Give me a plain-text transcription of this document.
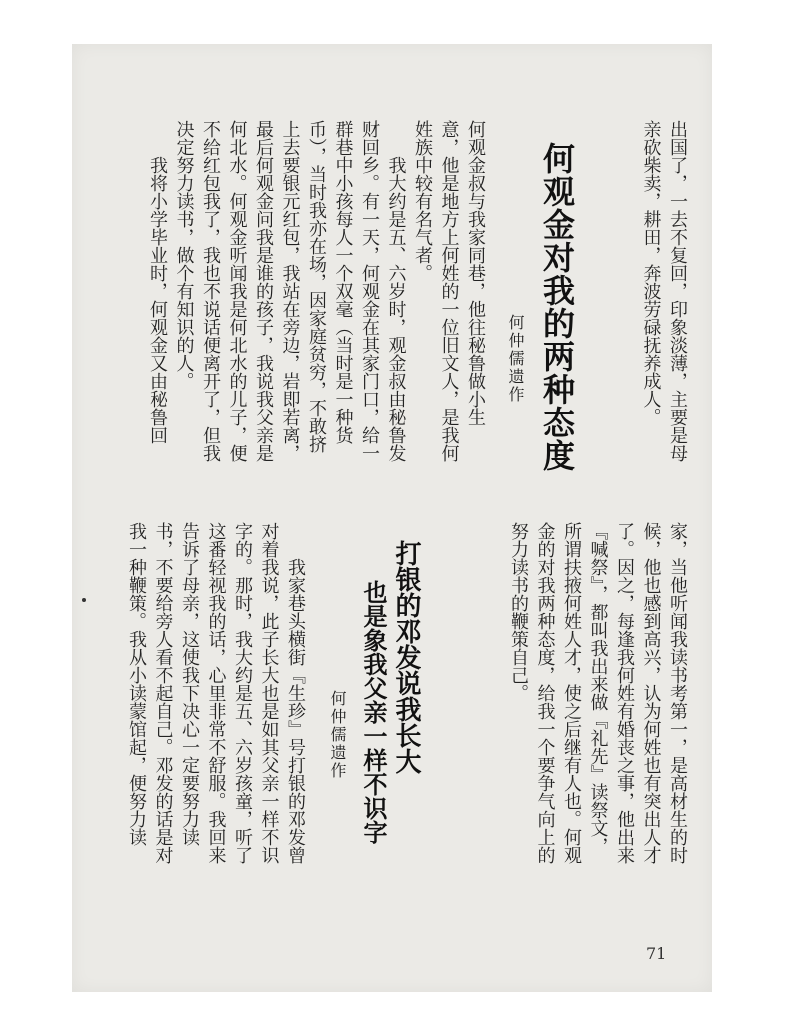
出国了，一去不复回，印象淡薄，主要是母
亲砍柴卖，耕田，奔波劳碌抚养成人。
何观金对我的两种态度
何仲儒遗作
何观金叔与我家同巷，他往秘鲁做小生
意，他是地方上何姓的一位旧文人，是我何
姓族中较有名气者。
　　我大约是五、六岁时，观金叔由秘鲁发
财回乡。有一天，何观金在其家门口，给一
群巷中小孩每人一个双毫（当时是一种货
币），当时我亦在场，因家庭贫穷，不敢挤
上去要银元红包，我站在旁边，岩即若离，
最后何观金问我是谁的孩子，我说我父亲是
何北水。何观金听闻我是何北水的儿子，便
不给红包我了，我也不说话便离开了，但我
决定努力读书，做个有知识的人。
　　我将小学毕业时，何观金又由秘鲁回
家，当他听闻我读书考第一，是高材生的时
候，他也感到高兴，认为何姓也有突出人才
了。因之，每逢我何姓有婚丧之事，他出来
『喊祭』，都叫我出来做『礼先』读祭文，
所谓扶掖何姓人才，使之后继有人也。何观
金的对我两种态度，给我一个要争气向上的
努力读书的鞭策自己。
打银的邓发说我长大
也是象我父亲一样不识字
何仲儒遗作
　　我家巷头横街『生珍』号打银的邓发曾
对着我说，此子长大也是如其父亲一样不识
字的。那时，我大约是五、六岁孩童，听了
这番轻视我的话，心里非常不舒服。我回来
告诉了母亲，这使我下决心一定要努力读
书，不要给旁人看不起自己。邓发的话是对
我一种鞭策。我从小读蒙馆起，便努力读
71
